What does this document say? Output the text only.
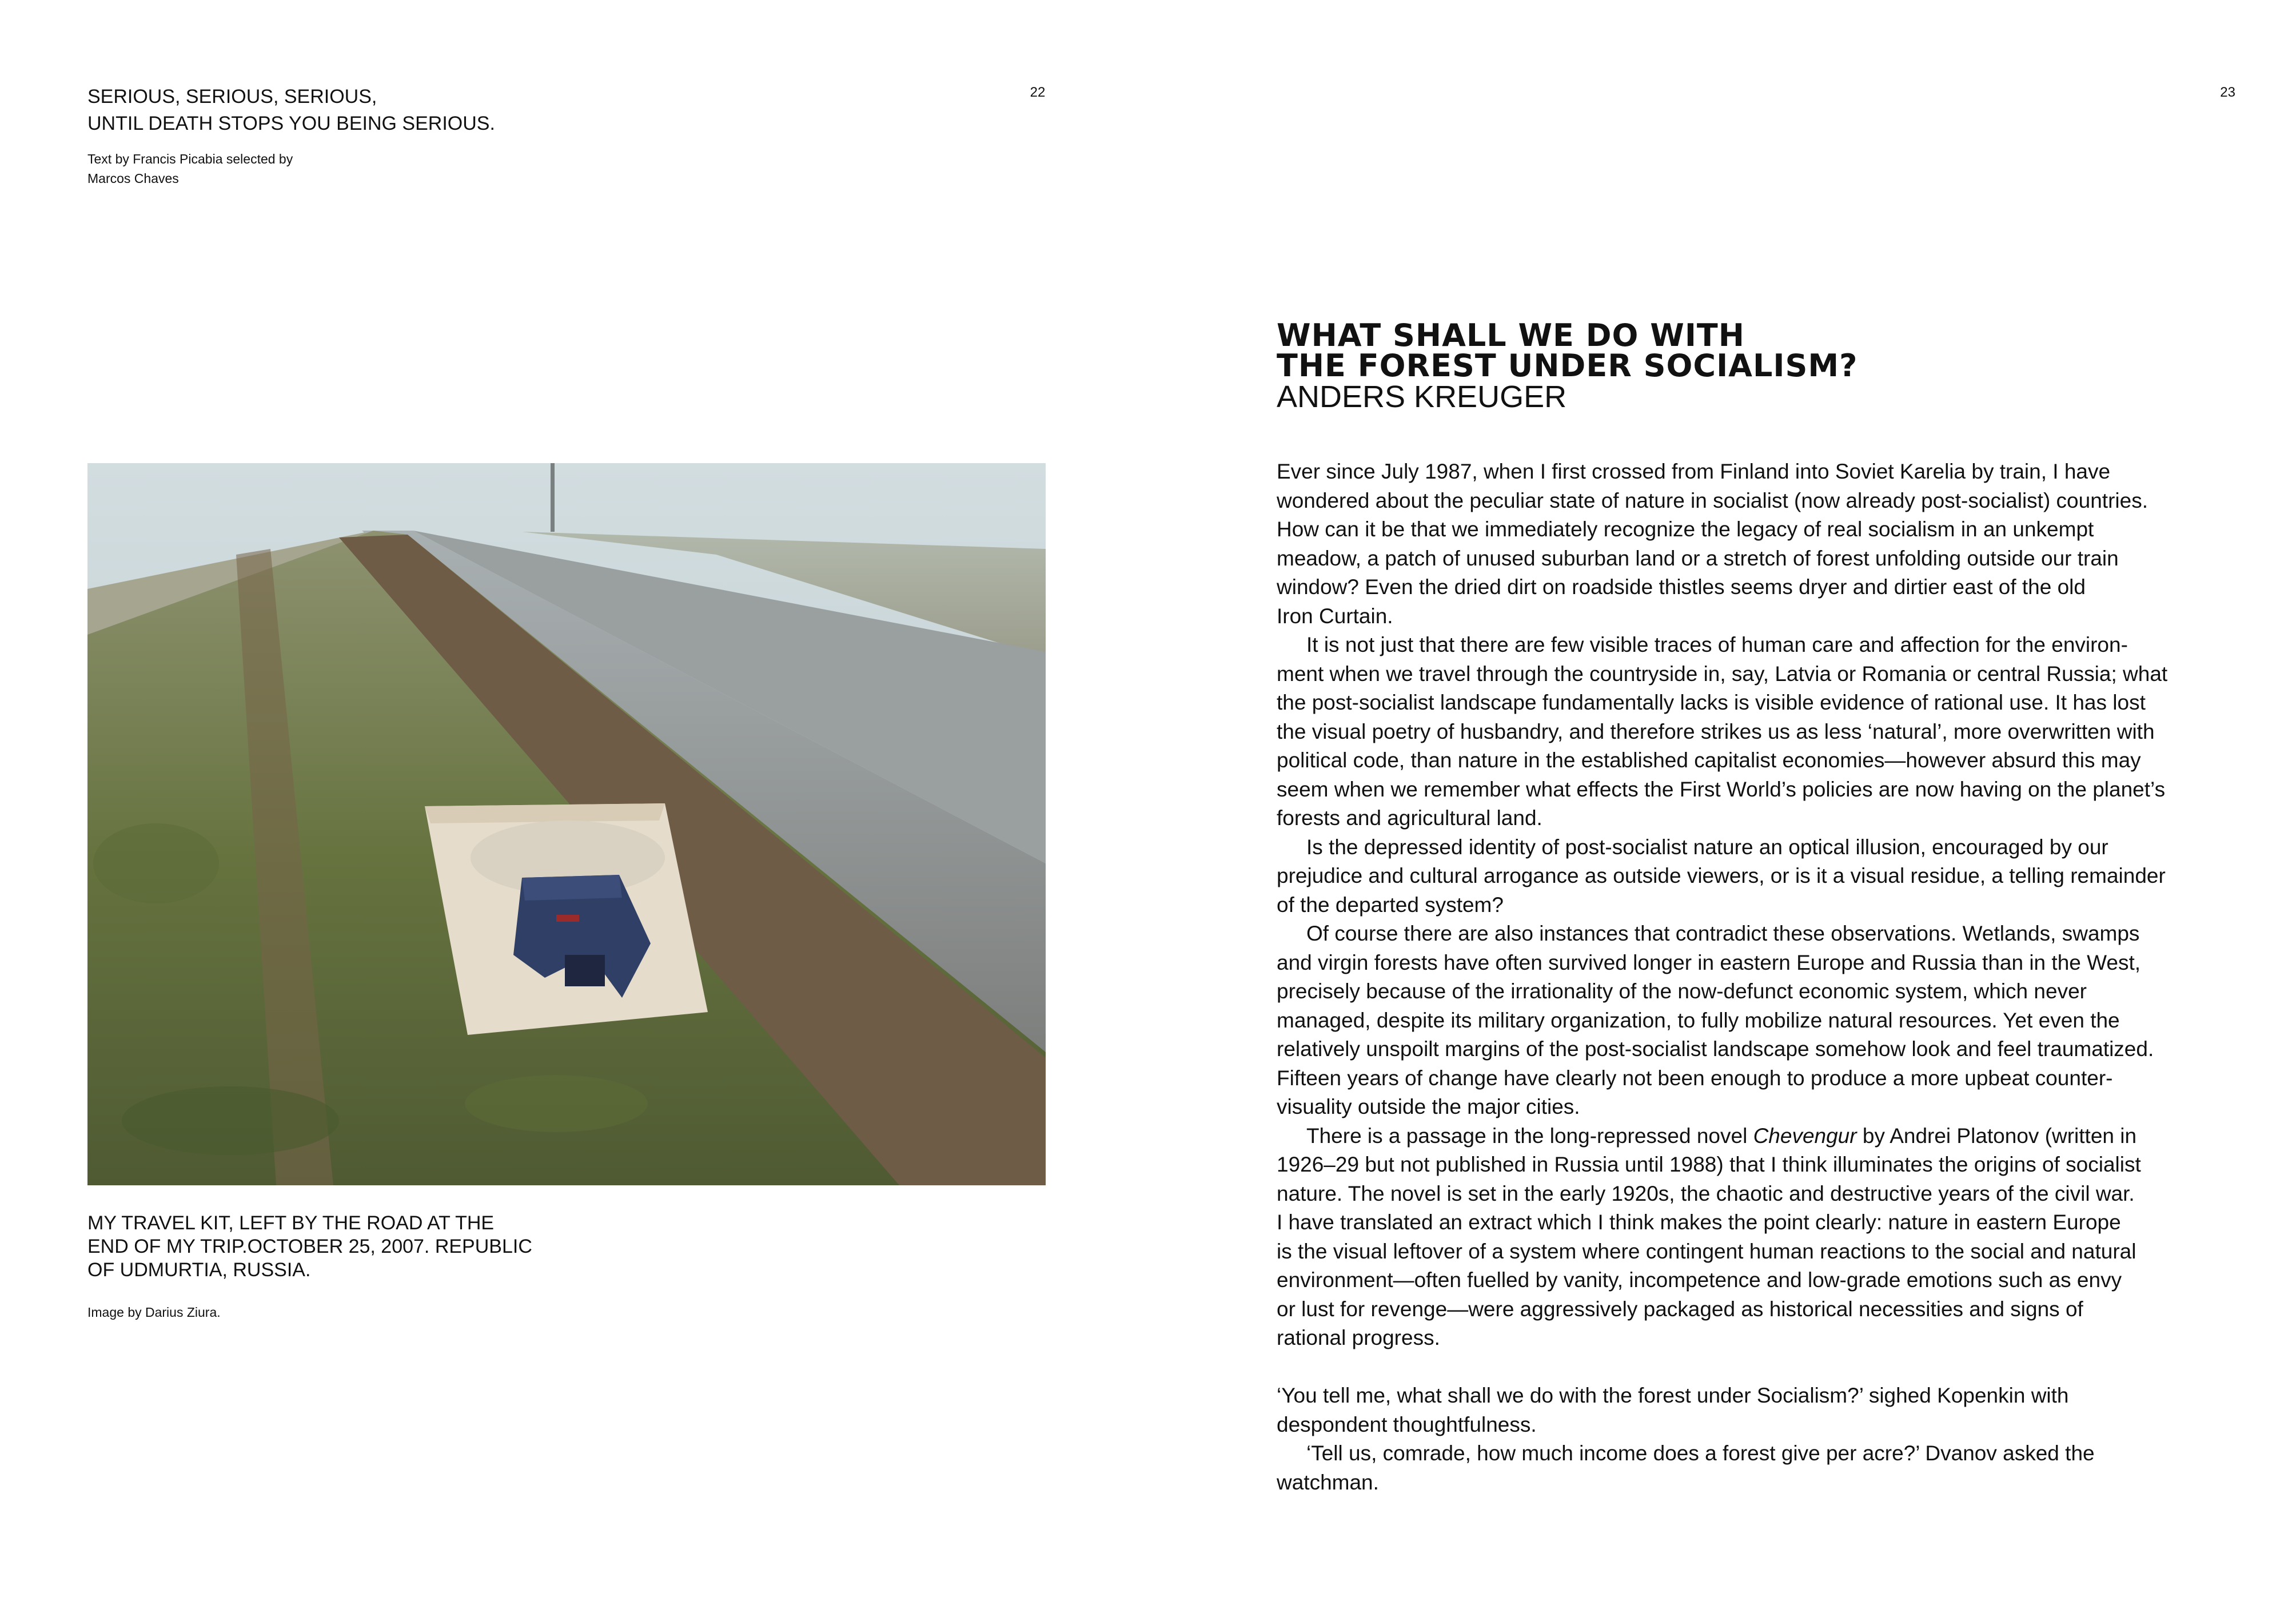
SERIOUS, SERIOUS, SERIOUS,
UNTIL DEATH STOPS YOU BEING SERIOUS.
Text by Francis Picabia selected by
Marcos Chaves
22
MY TRAVEL KIT, LEFT BY THE ROAD AT THE
END OF MY TRIP.OCTOBER 25, 2007. REPUBLIC
OF UDMURTIA, RUSSIA.
Image by Darius Ziura.
23
WHAT SHALL WE DO WITH
THE FOREST UNDER SOCIALISM?
ANDERS KREUGER
Ever since July 1987, when I first crossed from Finland into Soviet Karelia by train, I have
wondered about the peculiar state of nature in socialist (now already post-socialist) countries.
How can it be that we immediately recognize the legacy of real socialism in an unkempt
meadow, a patch of unused suburban land or a stretch of forest unfolding outside our train
window? Even the dried dirt on roadside thistles seems dryer and dirtier east of the old
Iron Curtain.
It is not just that there are few visible traces of human care and affection for the environ-
ment when we travel through the countryside in, say, Latvia or Romania or central Russia; what
the post-socialist landscape fundamentally lacks is visible evidence of rational use. It has lost
the visual poetry of husbandry, and therefore strikes us as less ‘natural’, more overwritten with
political code, than nature in the established capitalist economies—however absurd this may
seem when we remember what effects the First World’s policies are now having on the planet’s
forests and agricultural land.
Is the depressed identity of post-socialist nature an optical illusion, encouraged by our
prejudice and cultural arrogance as outside viewers, or is it a visual residue, a telling remainder
of the departed system?
Of course there are also instances that contradict these observations. Wetlands, swamps
and virgin forests have often survived longer in eastern Europe and Russia than in the West,
precisely because of the irrationality of the now-defunct economic system, which never
managed, despite its military organization, to fully mobilize natural resources. Yet even the
relatively unspoilt margins of the post-socialist landscape somehow look and feel traumatized.
Fifteen years of change have clearly not been enough to produce a more upbeat counter-
visuality outside the major cities.
There is a passage in the long-repressed novel Chevengur by Andrei Platonov (written in
1926–29 but not published in Russia until 1988) that I think illuminates the origins of socialist
nature. The novel is set in the early 1920s, the chaotic and destructive years of the civil war.
I have translated an extract which I think makes the point clearly: nature in eastern Europe
is the visual leftover of a system where contingent human reactions to the social and natural
environment—often fuelled by vanity, incompetence and low-grade emotions such as envy
or lust for revenge—were aggressively packaged as historical necessities and signs of
rational progress.
‘You tell me, what shall we do with the forest under Socialism?’ sighed Kopenkin with
despondent thoughtfulness.
‘Tell us, comrade, how much income does a forest give per acre?’ Dvanov asked the
watchman.
